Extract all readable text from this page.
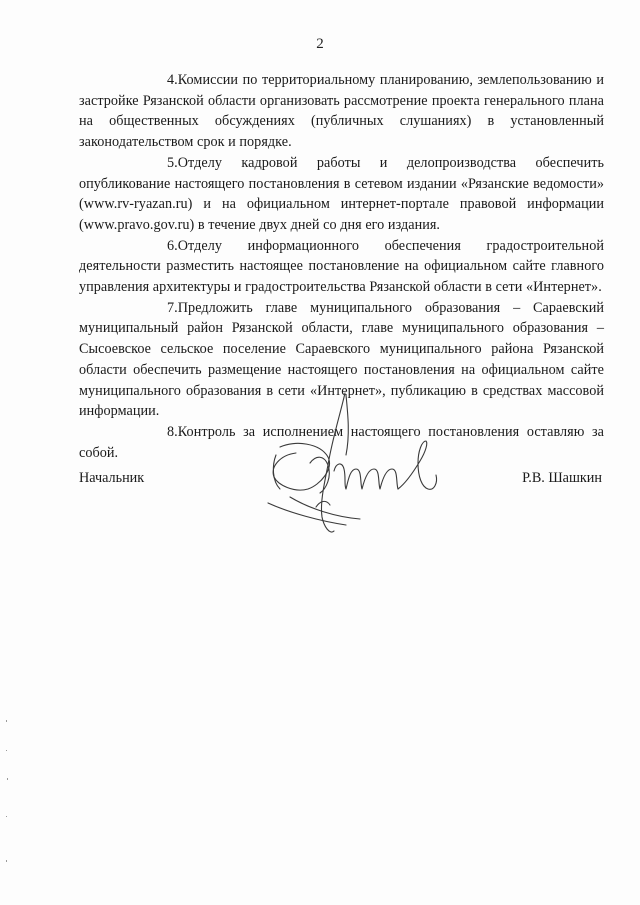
2

4.Комиссии по территориальному планированию, землепользованию и застройке Рязанской области организовать рассмотрение проекта генерального плана на общественных обсуждениях (публичных слушаниях) в установленный законодательством срок и порядке.

5.Отделу кадровой работы и делопроизводства обеспечить опубликование настоящего постановления в сетевом издании «Рязанские ведомости» (www.rv-ryazan.ru) и на официальном интернет-портале правовой информации (www.pravo.gov.ru) в течение двух дней со дня его издания.

6.Отделу информационного обеспечения градостроительной деятельности разместить настоящее постановление на официальном сайте главного управления архитектуры и градостроительства Рязанской области в сети «Интернет».

7.Предложить главе муниципального образования – Сараевский муниципальный район Рязанской области, главе муниципального образования – Сысоевское сельское поселение Сараевского муниципального района Рязанской области обеспечить размещение настоящего постановления на официальном сайте муниципального образования в сети «Интернет», публикацию в средствах массовой информации.

8.Контроль за исполнением настоящего постановления оставляю за собой.

Начальник	Р.В. Шашкин
